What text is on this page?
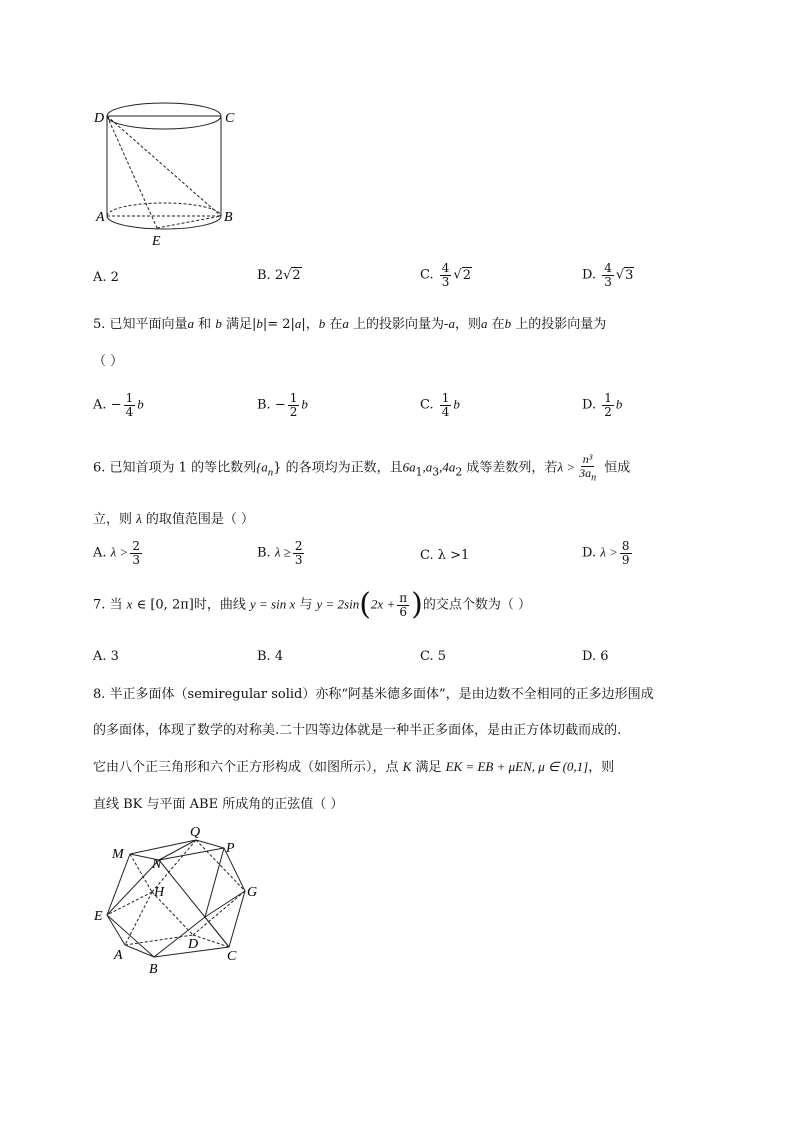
D	C
A	B
E
A. 2	B. 2√2	C. $\frac{4}{3} √2$	D. $\frac{4}{3} √3$
5. 已知平面向量a 和 b 满足|b|= 2|a|，b 在a 上的投影向量为-a，则a 在b 上的投影向量为
（ ）
A. − $\frac{1}{4}$ b	B. − $\frac{1}{2}$ b	C. $\frac{1}{4}$ b	D. $\frac{1}{2}$ b
6. 已知首项为 1 的等比数列$\{a_n\}$ 的各项均为正数，且$6a_1,a_3,4a_2$ 成等差数列，若$\lambda > \frac{\text{n³}}{3a_n}$ 恒成
立，则 λ 的取值范围是（ ）
A. $\lambda > \frac{2}{3}$	B. $\lambda \ge \frac{2}{3}$	C. λ >1	D. $\lambda > \frac{8}{9}$
7. 当 x ∈ [0, 2π]时，曲线 y = sin x 与 $y = 2\sin(2x + \frac{\pi}{6}$ )的交点个数为（ ）
A. 3	B. 4	C. 5	D. 6
8. 半正多面体（semiregular solid）亦称“阿基米德多面体”，是由边数不全相同的正多边形围成
的多面体，体现了数学的对称美.二十四等边体就是一种半正多面体，是由正方体切截而成的.
它由八个正三角形和六个正方形构成（如图所示），点 K 满足 EK = EB + μEN, μ ∈ (0,1]，则
直线 BK 与平面 ABE 所成角的正弦值（ ）
Q
P
M
N
H	G
E
D
A
B
C
